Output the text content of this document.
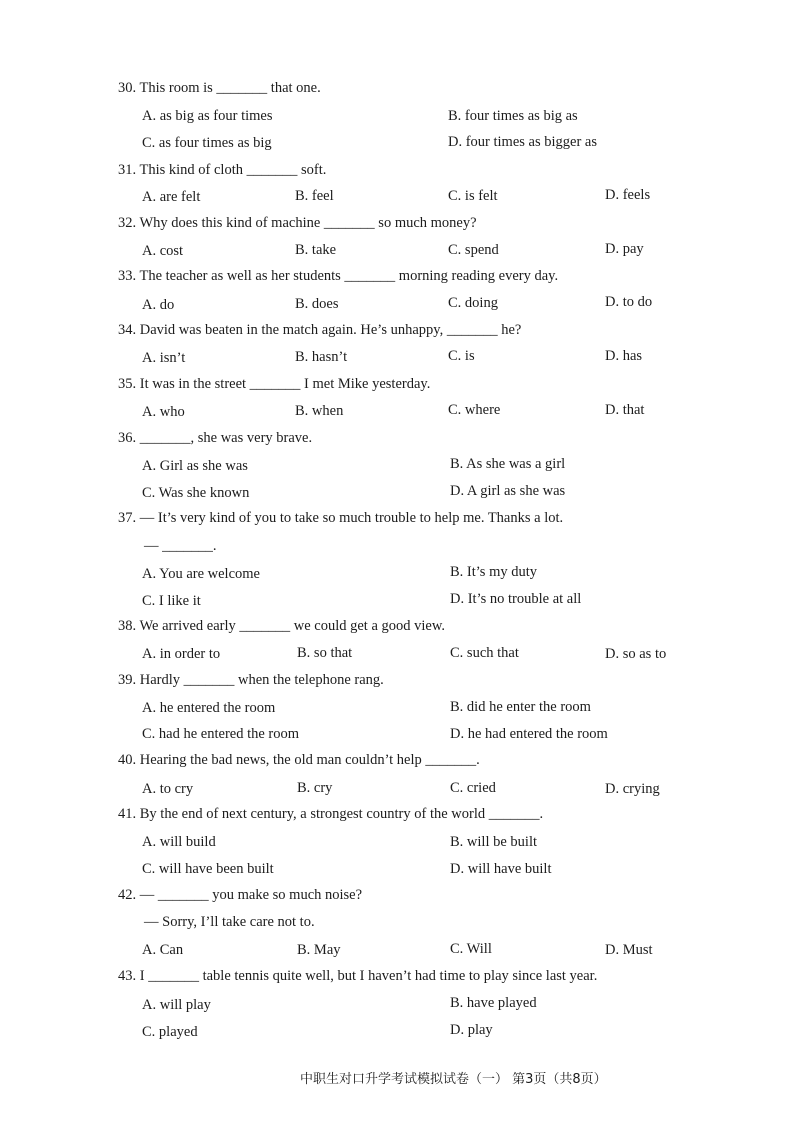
30. This room is _______ that one.
A. as big as four times	B. four times as big as
C. as four times as big	D. four times as bigger as
31. This kind of cloth _______ soft.
A. are felt	B. feel	C. is felt	D. feels
32. Why does this kind of machine _______ so much money?
A. cost	B. take	C. spend	D. pay
33. The teacher as well as her students _______ morning reading every day.
A. do	B. does	C. doing	D. to do
34. David was beaten in the match again. He’s unhappy, _______ he?
A. isn’t	B. hasn’t	C. is	D. has
35. It was in the street _______ I met Mike yesterday.
A. who	B. when	C. where	D. that
36. _______, she was very brave.
A. Girl as she was	B. As she was a girl
C. Was she known	D. A girl as she was
37. — It’s very kind of you to take so much trouble to help me. Thanks a lot.
— _______.
A. You are welcome	B. It’s my duty
C. I like it	D. It’s no trouble at all
38. We arrived early _______ we could get a good view.
A. in order to	B. so that	C. such that	D. so as to
39. Hardly _______ when the telephone rang.
A. he entered the room	B. did he enter the room
C. had he entered the room	D. he had entered the room
40. Hearing the bad news, the old man couldn’t help _______.
A. to cry	B. cry	C. cried	D. crying
41. By the end of next century, a strongest country of the world _______.
A. will build	B. will be built
C. will have been built	D. will have built
42. — _______ you make so much noise?
— Sorry, I’ll take care not to.
A. Can	B. May	C. Will	D. Must
43. I _______ table tennis quite well, but I haven’t had time to play since last year.
A. will play	B. have played
C. played	D. play
中职生对口升学考试模拟试卷（一） 第3页（共8页）
